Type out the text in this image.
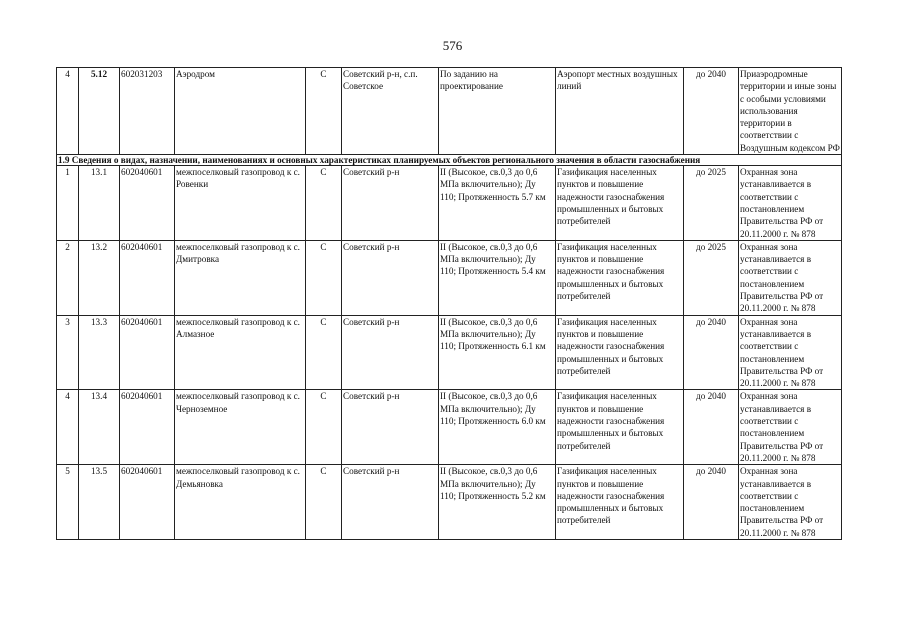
576
4	5.12	602031203	Аэродром	С	Советский р-н, с.п. Советское	По заданию на проектирование	Аэропорт местных воздушных линий	до 2040	Приаэродромные территории и иные зоны с особыми условиями использования территории в соответствии с Воздушным кодексом РФ
1.9 Сведения о видах, назначении, наименованиях и основных характеристиках планируемых объектов регионального значения в области газоснабжения									
1	13.1	602040601	межпоселковый газопровод к с. Ровенки	С	Советский р-н	II (Высокое, св.0,3 до 0,6 МПа включительно); Ду 110; Протяженность 5.7 км	Газификация населенных пунктов и повышение надежности газоснабжения промышленных и бытовых потребителей	до 2025	Охранная зона устанавливается в соответствии с постановлением Правительства РФ от 20.11.2000 г. № 878
2	13.2	602040601	межпоселковый газопровод к с. Дмитровка	С	Советский р-н	II (Высокое, св.0,3 до 0,6 МПа включительно); Ду 110; Протяженность 5.4 км	Газификация населенных пунктов и повышение надежности газоснабжения промышленных и бытовых потребителей	до 2025	Охранная зона устанавливается в соответствии с постановлением Правительства РФ от 20.11.2000 г. № 878
3	13.3	602040601	межпоселковый газопровод к с. Алмазное	С	Советский р-н	II (Высокое, св.0,3 до 0,6 МПа включительно); Ду 110; Протяженность 6.1 км	Газификация населенных пунктов и повышение надежности газоснабжения промышленных и бытовых потребителей	до 2040	Охранная зона устанавливается в соответствии с постановлением Правительства РФ от 20.11.2000 г. № 878
4	13.4	602040601	межпоселковый газопровод к с. Черноземное	С	Советский р-н	II (Высокое, св.0,3 до 0,6 МПа включительно); Ду 110; Протяженность 6.0 км	Газификация населенных пунктов и повышение надежности газоснабжения промышленных и бытовых потребителей	до 2040	Охранная зона устанавливается в соответствии с постановлением Правительства РФ от 20.11.2000 г. № 878
5	13.5	602040601	межпоселковый газопровод к с. Демьяновка	С	Советский р-н	II (Высокое, св.0,3 до 0,6 МПа включительно); Ду 110; Протяженность 5.2 км	Газификация населенных пунктов и повышение надежности газоснабжения промышленных и бытовых потребителей	до 2040	Охранная зона устанавливается в соответствии с постановлением Правительства РФ от 20.11.2000 г. № 878
